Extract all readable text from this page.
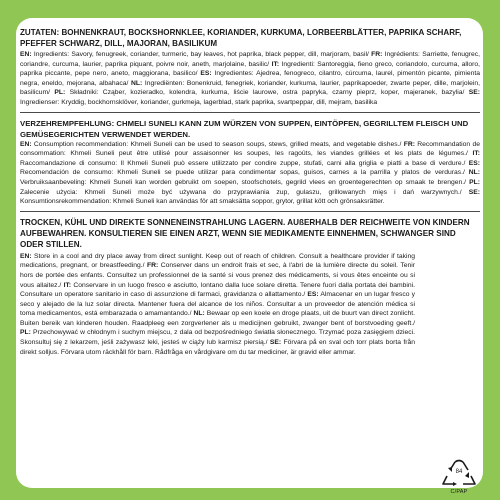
ZUTATEN: BOHNENKRAUT, BOCKSHORNKLEE, KORIANDER, KURKUMA, LORBEERBLÄTTER, PAPRIKA SCHARF, PFEFFER SCHWARZ, DILL, MAJORAN, BASILIKUM

EN: Ingredients: Savory, fenugreek, coriander, turmeric, bay leaves, hot paprika, black pepper, dill, marjoram, basil/ FR: Ingrédients: Sarriette, fenugrec, coriandre, curcuma, laurier, paprika piquant, poivre noir, aneth, marjolaine, basilic/ IT: Ingredienti: Santoreggia, fieno greco, coriandolo, curcuma, alloro, paprika piccante, pepe nero, aneto, maggiorana, basilico/ ES: Ingredientes: Ajedrea, fenogreco, cilantro, cúrcuma, laurel, pimentón picante, pimienta negra, eneldo, mejorana, albahaca/ NL: Ingrediënten: Bonenkruid, fenegriek, koriander, kurkuma, laurier, paprikapoeder, zwarte peper, dille, marjolein, basilicum/ PL: Składniki: Cząber, kozieradko, kolendra, kurkuma, liście laurowe, ostra papryka, czarny pieprz, koper, majeranek, bazylia/ SE: Ingredienser: Kryddig, bockhornsklöver, koriander, gurkmeja, lagerblad, stark paprika, svartpeppar, dill, mejram, basilika

VERZEHREMPFEHLUNG: CHMELI SUNELI KANN ZUM WÜRZEN VON SUPPEN, EINTÖPFEN, GEGRILLTEM FLEISCH UND GEMÜSEGERICHTEN VERWENDET WERDEN.

EN: Consumption recommendation: Khmeli Suneli can be used to season soups, stews, grilled meats, and vegetable dishes./ FR: Recommandation de consommation: Khmeli Suneli peut être utilisé pour assaisonner les soupes, les ragoûts, les viandes grillées et les plats de légumes./ IT: Raccomandazione di consumo: Il Khmeli Suneli può essere utilizzato per condire zuppe, stufati, carni alla griglia e piatti a base di verdure./ ES: Recomendación de consumo: Khmeli Suneli se puede utilizar para condimentar sopas, guisos, carnes a la parrilla y platos de verduras./ NL: Verbruiksaanbeveling: Khmeli Suneli kan worden gebruikt om soepen, stoofschotels, gegrild vlees en groentegerechten op smaak te brengen./ PL: Zalecenie użycia: Khmeli Suneli może być używana do przyprawiania zup, gulaszu, grillowanych mięs i dań warzywnych./ SE: Konsumtionsrekommendation: Khmeli Suneli kan användas för att smaksätta soppor, grytor, grillat kött och grönsaksrätter.

TROCKEN, KÜHL UND DIREKTE SONNENEINSTRAHLUNG LAGERN. AUßERHALB DER REICHWEITE VON KINDERN AUFBEWAHREN. KONSULTIEREN SIE EINEN ARZT, WENN SIE MEDIKAMENTE EINNEHMEN, SCHWANGER SIND ODER STILLEN.

EN: Store in a cool and dry place away from direct sunlight. Keep out of reach of children. Consult a healthcare provider if taking medications, pregnant, or breastfeeding./ FR: Conserver dans un endroit frais et sec, à l'abri de la lumière directe du soleil. Tenir hors de portée des enfants. Consultez un professionnel de la santé si vous prenez des médicaments, si vous êtes enceinte ou si vous allaitez./ IT: Conservare in un luogo fresco e asciutto, lontano dalla luce solare diretta. Tenere fuori dalla portata dei bambini. Consultare un operatore sanitario in caso di assunzione di farmaci, gravidanza o allattamento./ ES: Almacenar en un lugar fresco y seco y alejado de la luz solar directa. Mantener fuera del alcance de los niños. Consultar a un proveedor de atención médica si toma medicamentos, está embarazada o amamantando./ NL: Bewaar op een koele en droge plaats, uit de buurt van direct zonlicht. Buiten bereik van kinderen houden. Raadpleeg een zorgverlener als u medicijnen gebruikt, zwanger bent of borstvoeding geeft./ PL: Przechowywać w chłodnym i suchym miejscu, z dala od bezpośredniego światła słonecznego. Trzymać poza zasięgiem dzieci. Skonsultuj się z lekarzem, jeśli zażywasz leki, jesteś w ciąży lub karmisz piersią./ SE: Förvara på en sval och torr plats borta från direkt solljus. Förvara utom räckhåll för barn. Rådfråga en vårdgivare om du tar mediciner, är gravid eller ammar.

84
C/PAP
